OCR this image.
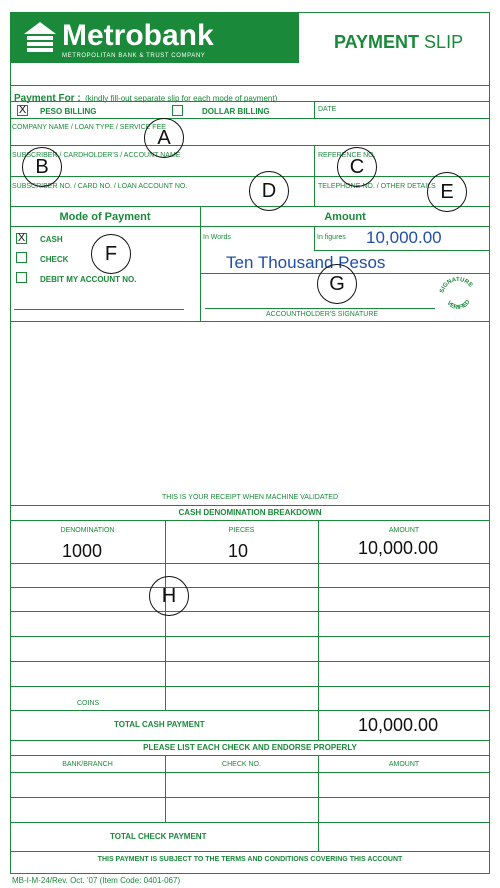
Metrobank
METROPOLITAN BANK & TRUST COMPANY
PAYMENT SLIP
Payment For : (kindly fill-out separate slip for each mode of payment)
X PESO BILLING	DOLLAR BILLING	DATE
COMPANY NAME / LOAN TYPE / SERVICE FEE
SUBSCRIBER / CARDHOLDER'S / ACCOUNT NAME	REFERENCE NO.
SUBSCRIBER NO. / CARD NO. / LOAN ACCOUNT NO.	TELEPHONE NO. / OTHER DETAILS
Mode of Payment	Amount
X CASH
CHECK
DEBIT MY ACCOUNT NO.
In Words	In figures 10,000.00
Ten Thousand Pesos
ACCOUNTHOLDER'S SIGNATURE
SIGNATURE
VERIFIED
THIS IS YOUR RECEIPT WHEN MACHINE VALIDATED
CASH DENOMINATION BREAKDOWN
DENOMINATION	PIECES	AMOUNT
1000	10	10,000.00
COINS
TOTAL CASH PAYMENT	10,000.00
PLEASE LIST EACH CHECK AND ENDORSE PROPERLY
BANK/BRANCH	CHECK NO.	AMOUNT
TOTAL CHECK PAYMENT
THIS PAYMENT IS SUBJECT TO THE TERMS AND CONDITIONS COVERING THIS ACCOUNT
MB-I-M-24/Rev. Oct. '07 (Item Code: 0401-067)
A
B	C
D	E
F
G
H
